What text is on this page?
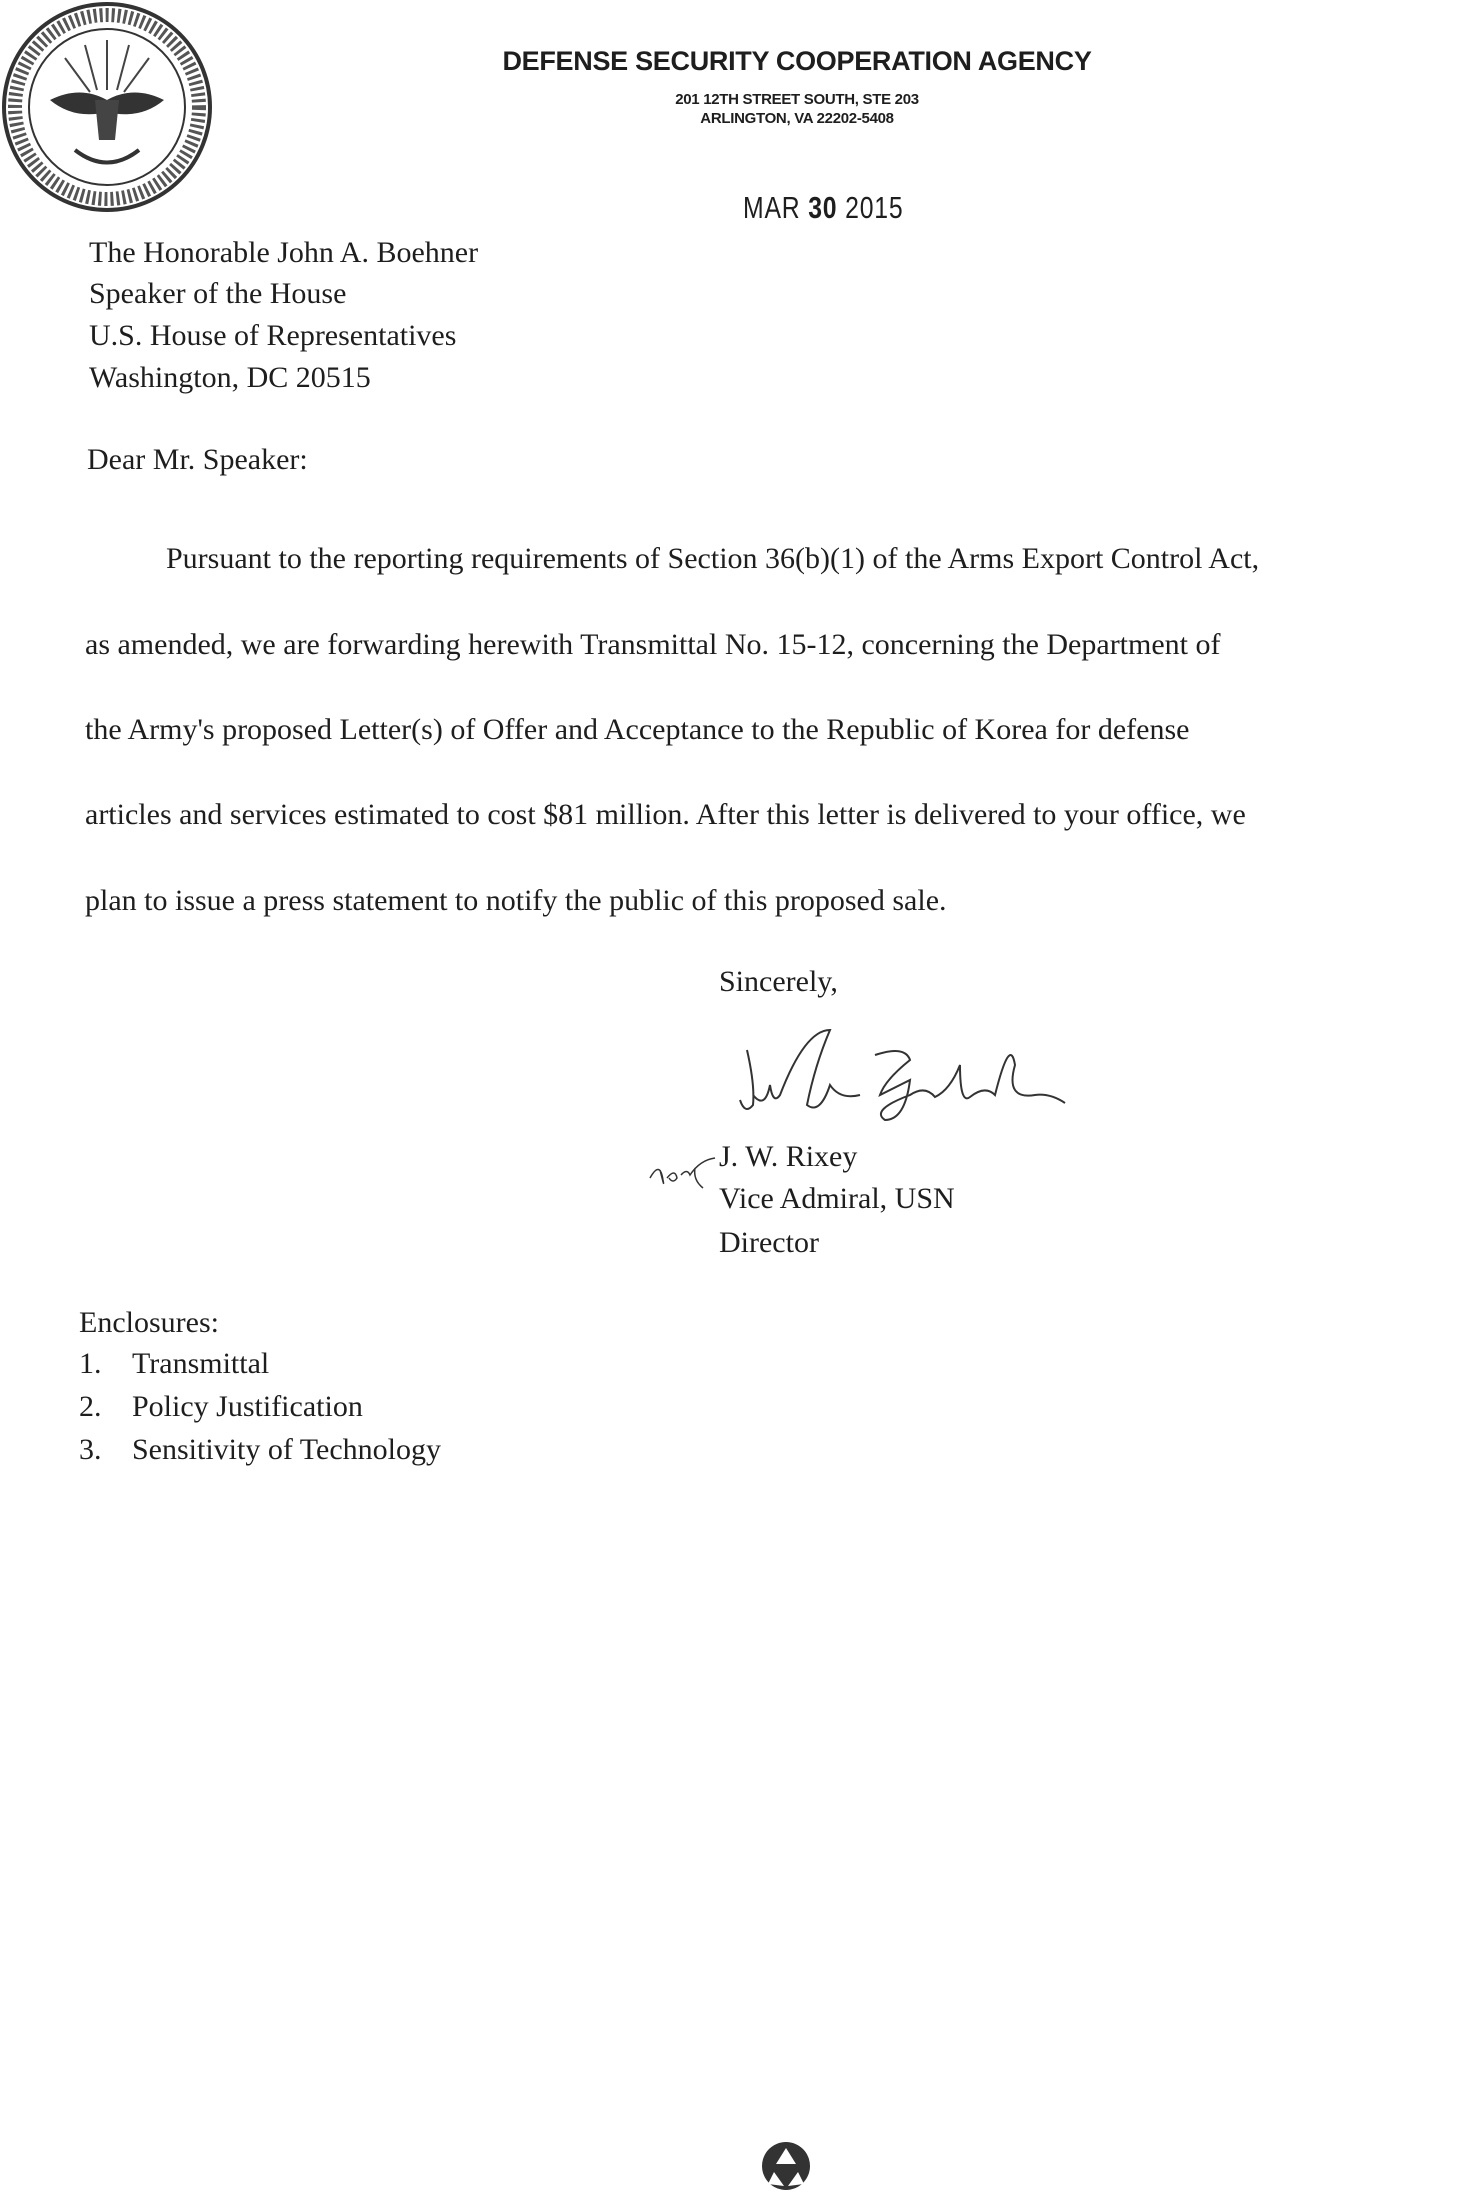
DEFENSE SECURITY COOPERATION AGENCY
201 12TH STREET SOUTH, STE 203
ARLINGTON, VA 22202-5408
MAR 30 2015
The Honorable John A. Boehner
Speaker of the House
U.S. House of Representatives
Washington, DC 20515
Dear Mr. Speaker:
Pursuant to the reporting requirements of Section 36(b)(1) of the Arms Export Control Act,
as amended, we are forwarding herewith Transmittal No. 15-12, concerning the Department of
the Army's proposed Letter(s) of Offer and Acceptance to the Republic of Korea for defense
articles and services estimated to cost $81 million. After this letter is delivered to your office, we
plan to issue a press statement to notify the public of this proposed sale.
Sincerely,
J. W. Rixey
Vice Admiral, USN
Director
Enclosures:
1. Transmittal
2. Policy Justification
3. Sensitivity of Technology
